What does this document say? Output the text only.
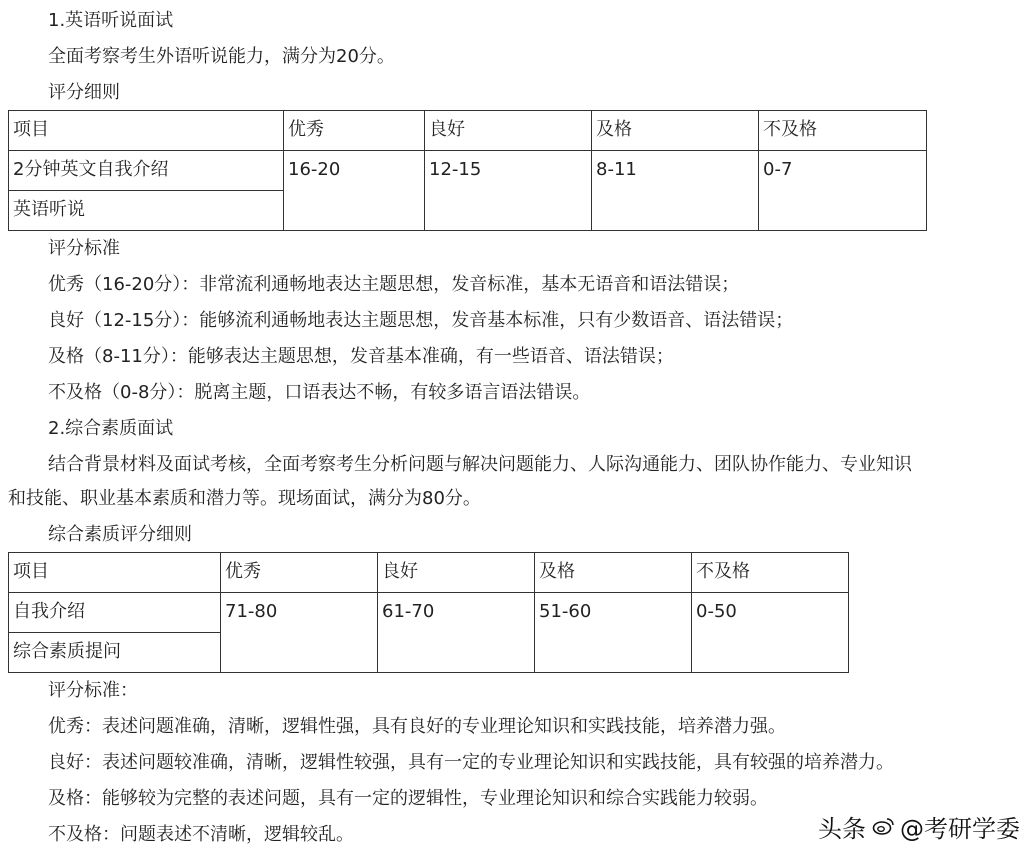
1.英语听说面试
全面考察考生外语听说能力，满分为20分。
评分细则
项目	优秀	良好	及格	不及格
2分钟英文自我介绍	16-20	12-15	8-11	0-7
英语听说				
评分标准
优秀（16-20分）：非常流利通畅地表达主题思想，发音标准，基本无语音和语法错误；
良好（12-15分）：能够流利通畅地表达主题思想，发音基本标准，只有少数语音、语法错误；
及格（8-11分）：能够表达主题思想，发音基本准确，有一些语音、语法错误；
不及格（0-8分）：脱离主题，口语表达不畅，有较多语言语法错误。
2.综合素质面试
结合背景材料及面试考核，全面考察考生分析问题与解决问题能力、人际沟通能力、团队协作能力、专业知识
和技能、职业基本素质和潜力等。现场面试，满分为80分。
综合素质评分细则
项目	优秀	良好	及格	不及格
自我介绍	71-80	61-70	51-60	0-50
综合素质提问				
评分标准：
优秀：表述问题准确，清晰，逻辑性强，具有良好的专业理论知识和实践技能，培养潜力强。
良好：表述问题较准确，清晰，逻辑性较强，具有一定的专业理论知识和实践技能，具有较强的培养潜力。
及格：能够较为完整的表述问题，具有一定的逻辑性，专业理论知识和综合实践能力较弱。
不及格：问题表述不清晰，逻辑较乱。	头条 @考研学委
